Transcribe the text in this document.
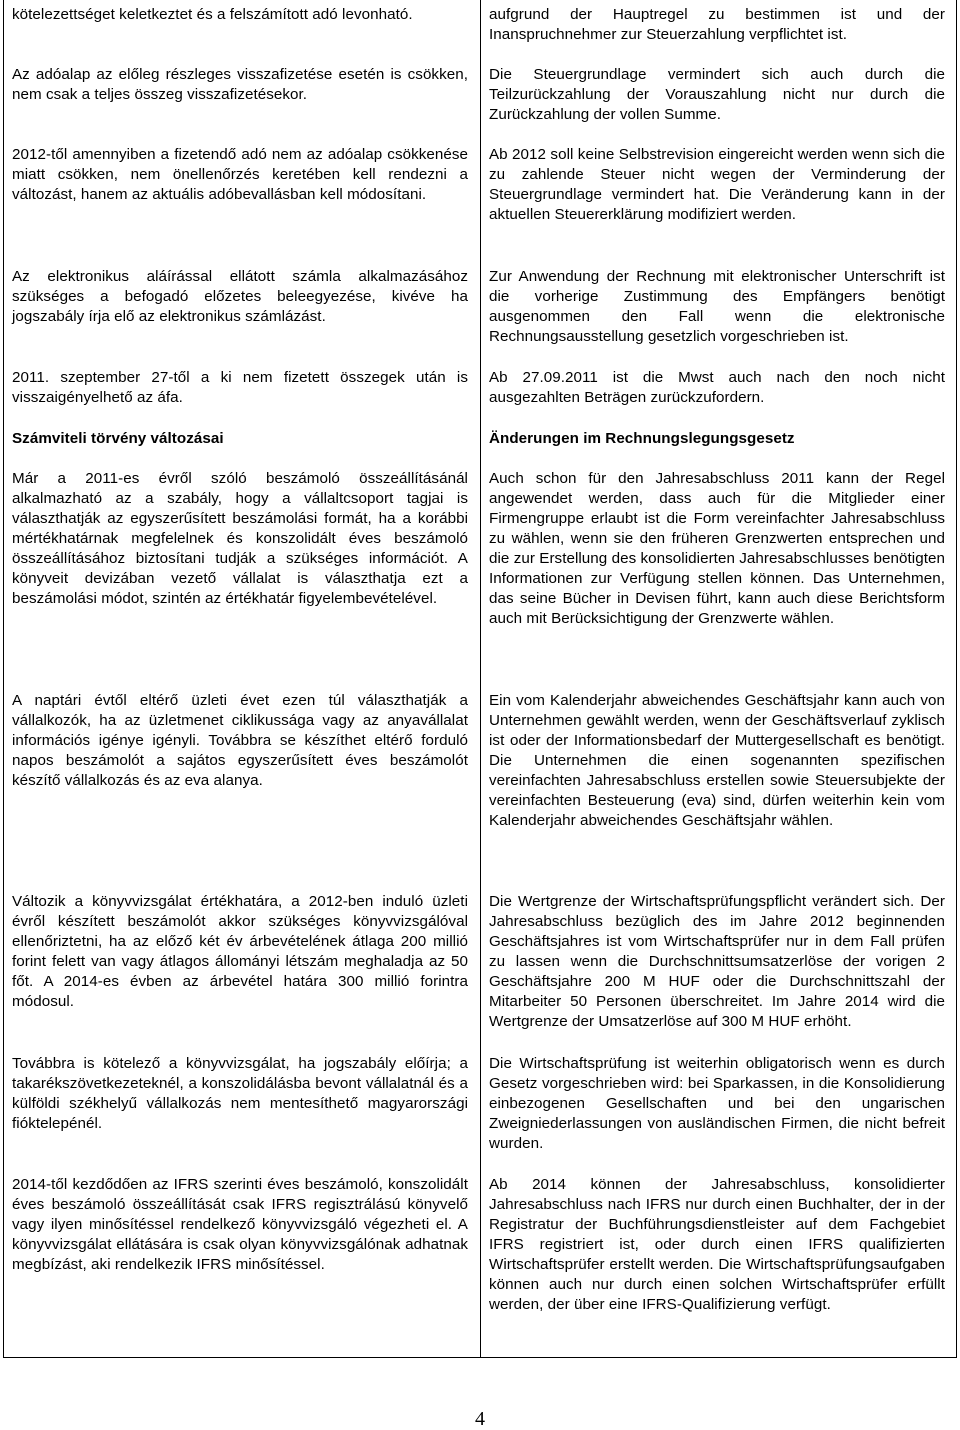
kötelezettséget keletkeztet és a felszámított adó levonható.

Az adóalap az előleg részleges visszafizetése esetén is csökken, nem csak a teljes összeg visszafizetésekor.

2012-től amennyiben a fizetendő adó nem az adóalap csökkenése miatt csökken, nem önellenőrzés keretében kell rendezni a változást, hanem az aktuális adóbevallásban kell módosítani.

Az elektronikus aláírással ellátott számla alkalmazásához szükséges a befogadó előzetes beleegyezése, kivéve ha jogszabály írja elő az elektronikus számlázást.

2011. szeptember 27-től a ki nem fizetett összegek után is visszaigényelhető az áfa.

Számviteli törvény változásai

Már a 2011-es évről szóló beszámoló összeállításánál alkalmazható az a szabály, hogy a vállaltcsoport tagjai is választhatják az egyszerűsített beszámolási formát, ha a korábbi mértékhatárnak megfelelnek és konszolidált éves beszámoló összeállításához biztosítani tudják a szükséges információt. A könyveit devizában vezető vállalat is választhatja ezt a beszámolási módot, szintén az értékhatár figyelembevételével.

A naptári évtől eltérő üzleti évet ezen túl választhatják a vállalkozók, ha az üzletmenet ciklikussága vagy az anyavállalat információs igénye igényli. Továbbra se készíthet eltérő forduló napos beszámolót a sajátos egyszerűsített éves beszámolót készítő vállalkozás és az eva alanya.

Változik a könyvvizsgálat értékhatára, a 2012-ben induló üzleti évről készített beszámolót akkor szükséges könyvvizsgálóval ellenőriztetni, ha az előző két év árbevételének átlaga 200 millió forint felett van vagy átlagos állományi létszám meghaladja az 50 főt. A 2014-es évben az árbevétel határa 300 millió forintra módosul.

Továbbra is kötelező a könyvvizsgálat, ha jogszabály előírja; a takarékszövetkezeteknél, a konszolidálásba bevont vállalatnál és a külföldi székhelyű vállalkozás nem mentesíthető magyarországi fióktelepénél.

2014-től kezdődően az IFRS szerinti éves beszámoló, konszolidált éves beszámoló összeállítását csak IFRS regisztrálású könyvelő vagy ilyen minősítéssel rendelkező könyvvizsgáló végezheti el. A könyvvizsgálat ellátására is csak olyan könyvvizsgálónak adhatnak megbízást, aki rendelkezik IFRS minősítéssel.

aufgrund der Hauptregel zu bestimmen ist und der Inanspruchnehmer zur Steuerzahlung verpflichtet ist.

Die Steuergrundlage vermindert sich auch durch die Teilzurückzahlung der Vorauszahlung nicht nur durch die Zurückzahlung der vollen Summe.

Ab 2012 soll keine Selbstrevision eingereicht werden wenn sich die zu zahlende Steuer nicht wegen der Verminderung der Steuergrundlage vermindert hat. Die Veränderung kann in der aktuellen Steuererklärung modifiziert werden.

Zur Anwendung der Rechnung mit elektronischer Unterschrift ist die vorherige Zustimmung des Empfängers benötigt ausgenommen den Fall wenn die elektronische Rechnungsausstellung gesetzlich vorgeschrieben ist.

Ab 27.09.2011 ist die Mwst auch nach den noch nicht ausgezahlten Beträgen zurückzufordern.

Änderungen im Rechnungslegungsgesetz

Auch schon für den Jahresabschluss 2011 kann der Regel angewendet werden, dass auch für die Mitglieder einer Firmengruppe erlaubt ist die Form vereinfachter Jahresabschluss zu wählen, wenn sie den früheren Grenzwerten entsprechen und die zur Erstellung des konsolidierten Jahresabschlusses benötigten Informationen zur Verfügung stellen können. Das Unternehmen, das seine Bücher in Devisen führt, kann auch diese Berichtsform auch mit Berücksichtigung der Grenzwerte wählen.

Ein vom Kalenderjahr abweichendes Geschäftsjahr kann auch von Unternehmen gewählt werden, wenn der Geschäftsverlauf zyklisch ist oder der Informationsbedarf der Muttergesellschaft es benötigt. Die Unternehmen die einen sogenannten spezifischen vereinfachten Jahresabschluss erstellen sowie Steuersubjekte der vereinfachten Besteuerung (eva) sind, dürfen weiterhin kein vom Kalenderjahr abweichendes Geschäftsjahr wählen.

Die Wertgrenze der Wirtschaftsprüfungspflicht verändert sich. Der Jahresabschluss bezüglich des im Jahre 2012 beginnenden Geschäftsjahres ist vom Wirtschaftsprüfer nur in dem Fall prüfen zu lassen wenn die Durchschnittsumsatzerlöse der vorigen 2 Geschäftsjahre 200 M HUF oder die Durchschnittszahl der Mitarbeiter 50 Personen überschreitet. Im Jahre 2014 wird die Wertgrenze der Umsatzerlöse auf 300 M HUF erhöht.

Die Wirtschaftsprüfung ist weiterhin obligatorisch wenn es durch Gesetz vorgeschrieben wird: bei Sparkassen, in die Konsolidierung einbezogenen Gesellschaften und bei den ungarischen Zweigniederlassungen von ausländischen Firmen, die nicht befreit wurden.

Ab 2014 können der Jahresabschluss, konsolidierter Jahresabschluss nach IFRS nur durch einen Buchhalter, der in der Registratur der Buchführungsdienstleister auf dem Fachgebiet IFRS registriert ist, oder durch einen IFRS qualifizierten Wirtschaftsprüfer erstellt werden. Die Wirtschaftsprüfungsaufgaben können auch nur durch einen solchen Wirtschaftsprüfer erfüllt werden, der über eine IFRS-Qualifizierung verfügt.

4
